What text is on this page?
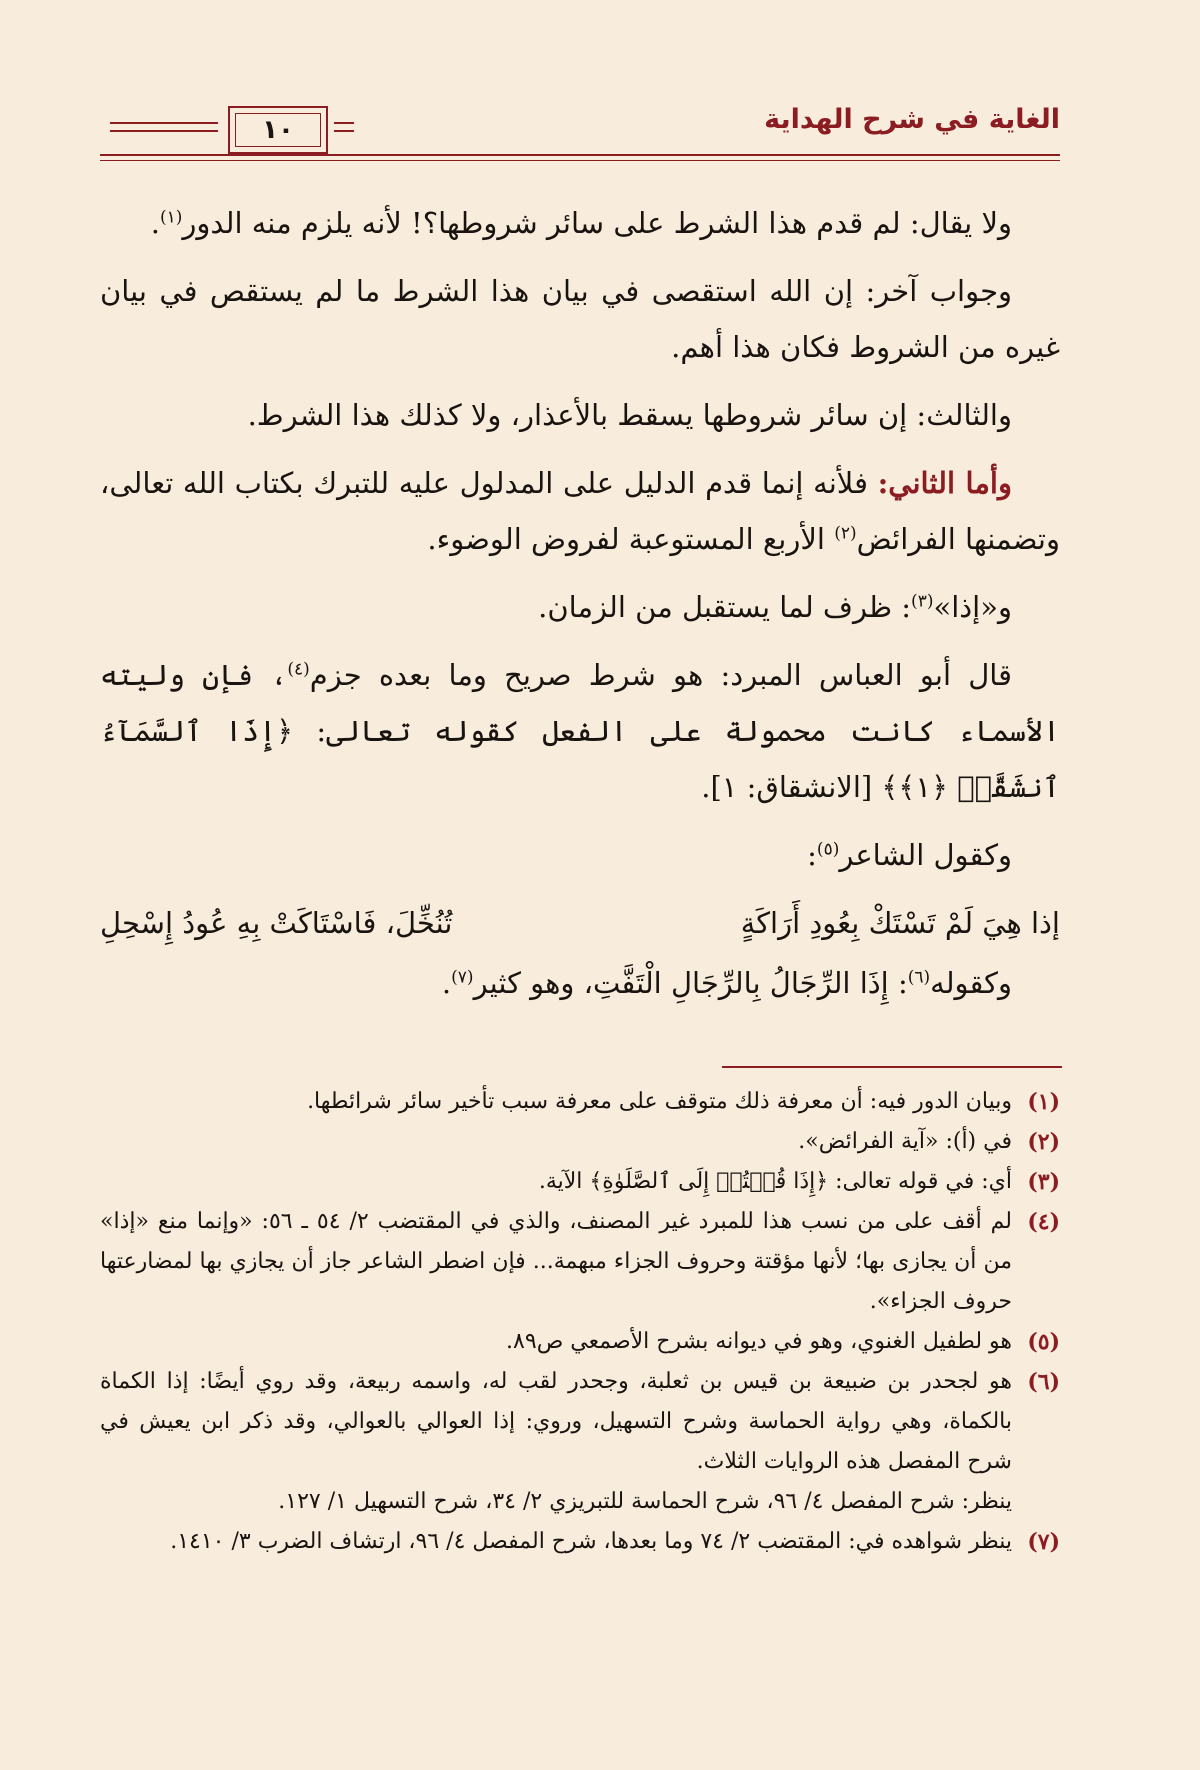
الغاية في شرح الهداية
١٠

ولا يقال: لم قدم هذا الشرط على سائر شروطها؟! لأنه يلزم منه الدور$^{(١)}$.

وجواب آخر: إن الله استقصى في بيان هذا الشرط ما لم يستقص في بيان غيره من الشروط فكان هذا أهم.

والثالث: إن سائر شروطها يسقط بالأعذار، ولا كذلك هذا الشرط.

وأما الثاني: فلأنه إنما قدم الدليل على المدلول عليه للتبرك بكتاب الله تعالى، وتضمنها الفرائض$^{(٢)}$ الأربع المستوعبة لفروض الوضوء.

و«إذا»$^{(٣)}$: ظرف لما يستقبل من الزمان.

قال أبو العباس المبرد: هو شرط صريح وما بعده جزم$^{(٤)}$، فإن وليته الأسماء كانت محمولة على الفعل كقوله تعالى: ﴿إِذَا ٱلسَّمَآءُ ٱنشَقَّتۡ ﴿١﴾﴾ [الانشقاق: ١].

وكقول الشاعر$^{(٥)}$:

إذا هِيَ لَمْ تَسْتَكْ بِعُودِ أَرَاكَةٍ
تُنُخِّلَ، فَاسْتَاكَتْ بِهِ عُودُ إِسْحِلِ

وكقوله$^{(٦)}$: إِذَا الرِّجَالُ بِالرِّجَالِ الْتَفَّتِ، وهو كثير$^{(٧)}$.

(١)
وبيان الدور فيه: أن معرفة ذلك متوقف على معرفة سبب تأخير سائر شرائطها.
(٢)
في (أ): «آية الفرائض».
(٣)
أي: في قوله تعالى: ﴿إِذَا قُمۡتُمۡ إِلَى ٱلصَّلَوٰةِ﴾ الآية.
(٤)
لم أقف على من نسب هذا للمبرد غير المصنف، والذي في المقتضب ٢/ ٥٤ ـ ٥٦: «وإنما منع «إذا» من أن يجازى بها؛ لأنها مؤقتة وحروف الجزاء مبهمة... فإن اضطر الشاعر جاز أن يجازي بها لمضارعتها حروف الجزاء».
(٥)
هو لطفيل الغنوي، وهو في ديوانه بشرح الأصمعي ص٨٩.
(٦)
هو لجحدر بن ضبيعة بن قيس بن ثعلبة، وجحدر لقب له، واسمه ربيعة، وقد روي أيضًا: إذا الكماة بالكماة، وهي رواية الحماسة وشرح التسهيل، وروي: إذا العوالي بالعوالي، وقد ذكر ابن يعيش في شرح المفصل هذه الروايات الثلاث.
ينظر: شرح المفصل ٤/ ٩٦، شرح الحماسة للتبريزي ٢/ ٣٤، شرح التسهيل ١/ ١٢٧.
(٧)
ينظر شواهده في: المقتضب ٢/ ٧٤ وما بعدها، شرح المفصل ٤/ ٩٦، ارتشاف الضرب ٣/ ١٤١٠.
